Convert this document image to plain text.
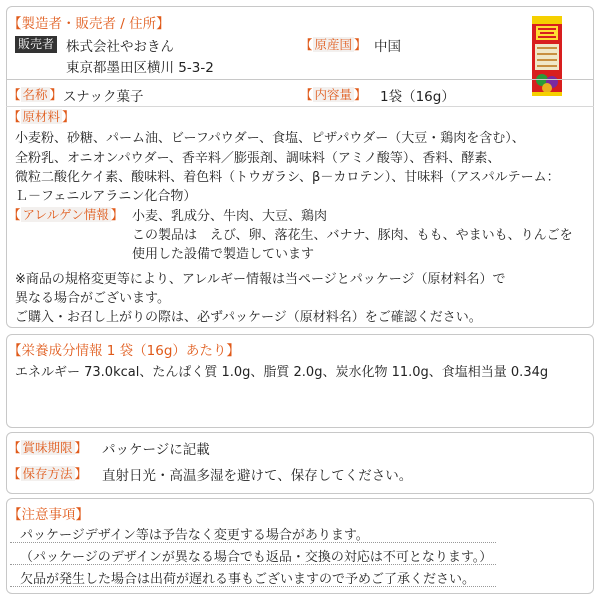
【製造者・販売者 / 住所】
販売者 株式会社やおきん
東京都墨田区横川 5-3-2
【 原産国 】 中国
【 名称 】 スナック菓子	【 内容量 】 1袋（16g）
【 原材料 】
小麦粉、砂糖、パーム油、ビーフパウダー、食塩、ピザパウダー（大豆・鶏肉を含む）、
全粉乳、オニオンパウダー、香辛料／膨張剤、調味料（アミノ酸等）、香料、酵素、
微粒二酸化ケイ素、酸味料、着色料（トウガラシ、β－カロテン）、甘味料（アスパルテーム：
Ｌ－フェニルアラニン化合物）
【 アレルゲン情報 】 小麦、乳成分、牛肉、大豆、鶏肉
この製品は　えび、卵、落花生、バナナ、豚肉、もも、やまいも、りんごを
使用した設備で製造しています
※商品の規格変更等により、アレルギー情報は当ページとパッケージ（原材料名）で
異なる場合がございます。
ご購入・お召し上がりの際は、必ずパッケージ（原材料名）をご確認ください。
【栄養成分情報 1 袋（16g）あたり】
エネルギー 73.0kcal、たんぱく質 1.0g、脂質 2.0g、炭水化物 11.0g、食塩相当量 0.34g
【 賞味期限 】 パッケージに記載
【 保存方法 】 直射日光・高温多湿を避けて、保存してください。
【注意事項】
パッケージデザイン等は予告なく変更する場合があります。
（パッケージのデザインが異なる場合でも返品・交換の対応は不可となります。）
欠品が発生した場合は出荷が遅れる事もございますので予めご了承ください。
